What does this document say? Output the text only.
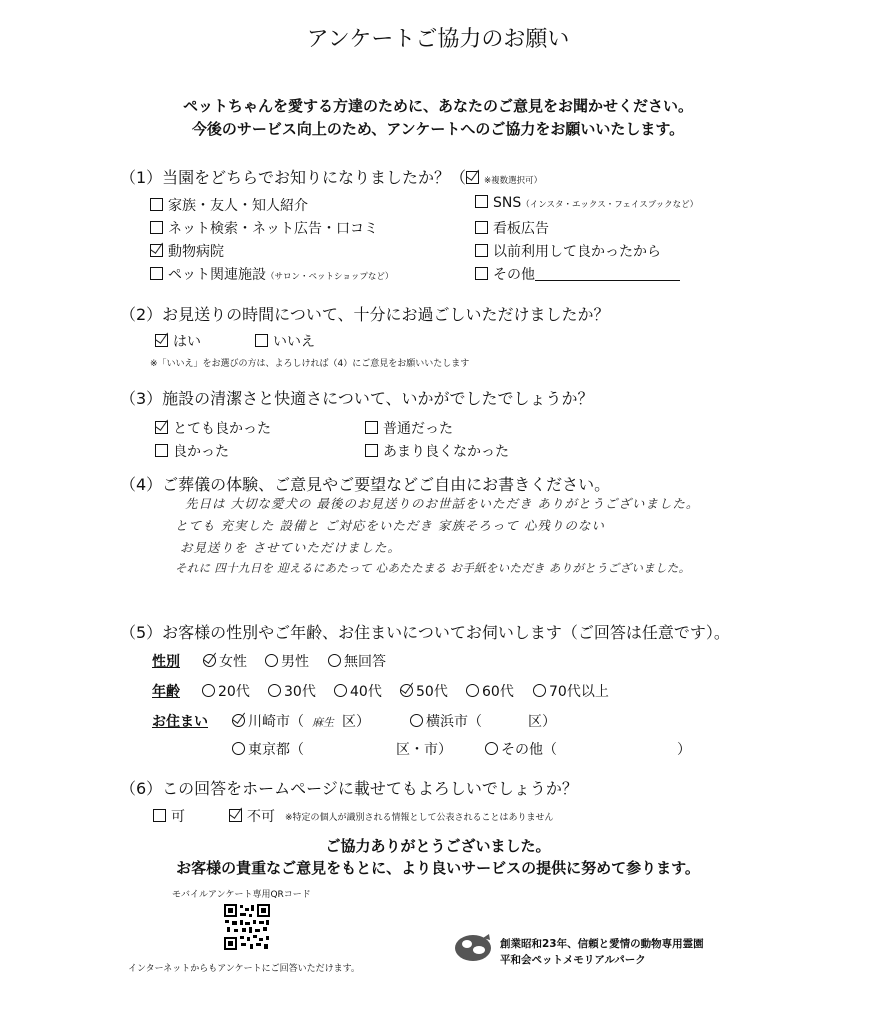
アンケートご協力のお願い
ペットちゃんを愛する方達のために、あなたのご意見をお聞かせください。
今後のサービス向上のため、アンケートへのご協力をお願いいたします。
（1）当園をどちらでお知りになりましたか？（ ※複数選択可）
家族・友人・知人紹介
ネット検索・ネット広告・口コミ
動物病院
ペット関連施設（サロン・ペットショップなど）
SNS（インスタ・エックス・フェイスブックなど）
看板広告
以前利用して良かったから
その他
（2）お見送りの時間について、十分にお過ごしいただけましたか？
はい	いいえ
※「いいえ」をお選びの方は、よろしければ（4）にご意見をお願いいたします
（3）施設の清潔さと快適さについて、いかがでしたでしょうか？
とても良かった	普通だった
良かった	あまり良くなかった
（4）ご葬儀の体験、ご意見やご要望などご自由にお書きください。
先日は 大切な愛犬の 最後のお見送りのお世話をいただき ありがとうございました。
とても 充実した 設備と ご対応をいただき 家族そろって 心残りのない
お見送りを させていただけました。
それに 四十九日を 迎えるにあたって 心あたたまる お手紙をいただき ありがとうございました。
（5）お客様の性別やご年齢、お住まいについてお伺いします（ご回答は任意です）。
性別	女性	男性	無回答
年齢	20代	30代	40代	50代	60代	70代以上
お住まい	川崎市（ 麻生 区）	横浜市（	区）
東京都（	区・市）	その他（	）
（6）この回答をホームページに載せてもよろしいでしょうか？
可	不可 ※特定の個人が識別される情報として公表されることはありません
ご協力ありがとうございました。
お客様の貴重なご意見をもとに、より良いサービスの提供に努めて参ります。
モバイルアンケート専用QRコード
インターネットからもアンケートにご回答いただけます。
創業昭和23年、信頼と愛情の動物専用霊園
平和会ペットメモリアルパーク
